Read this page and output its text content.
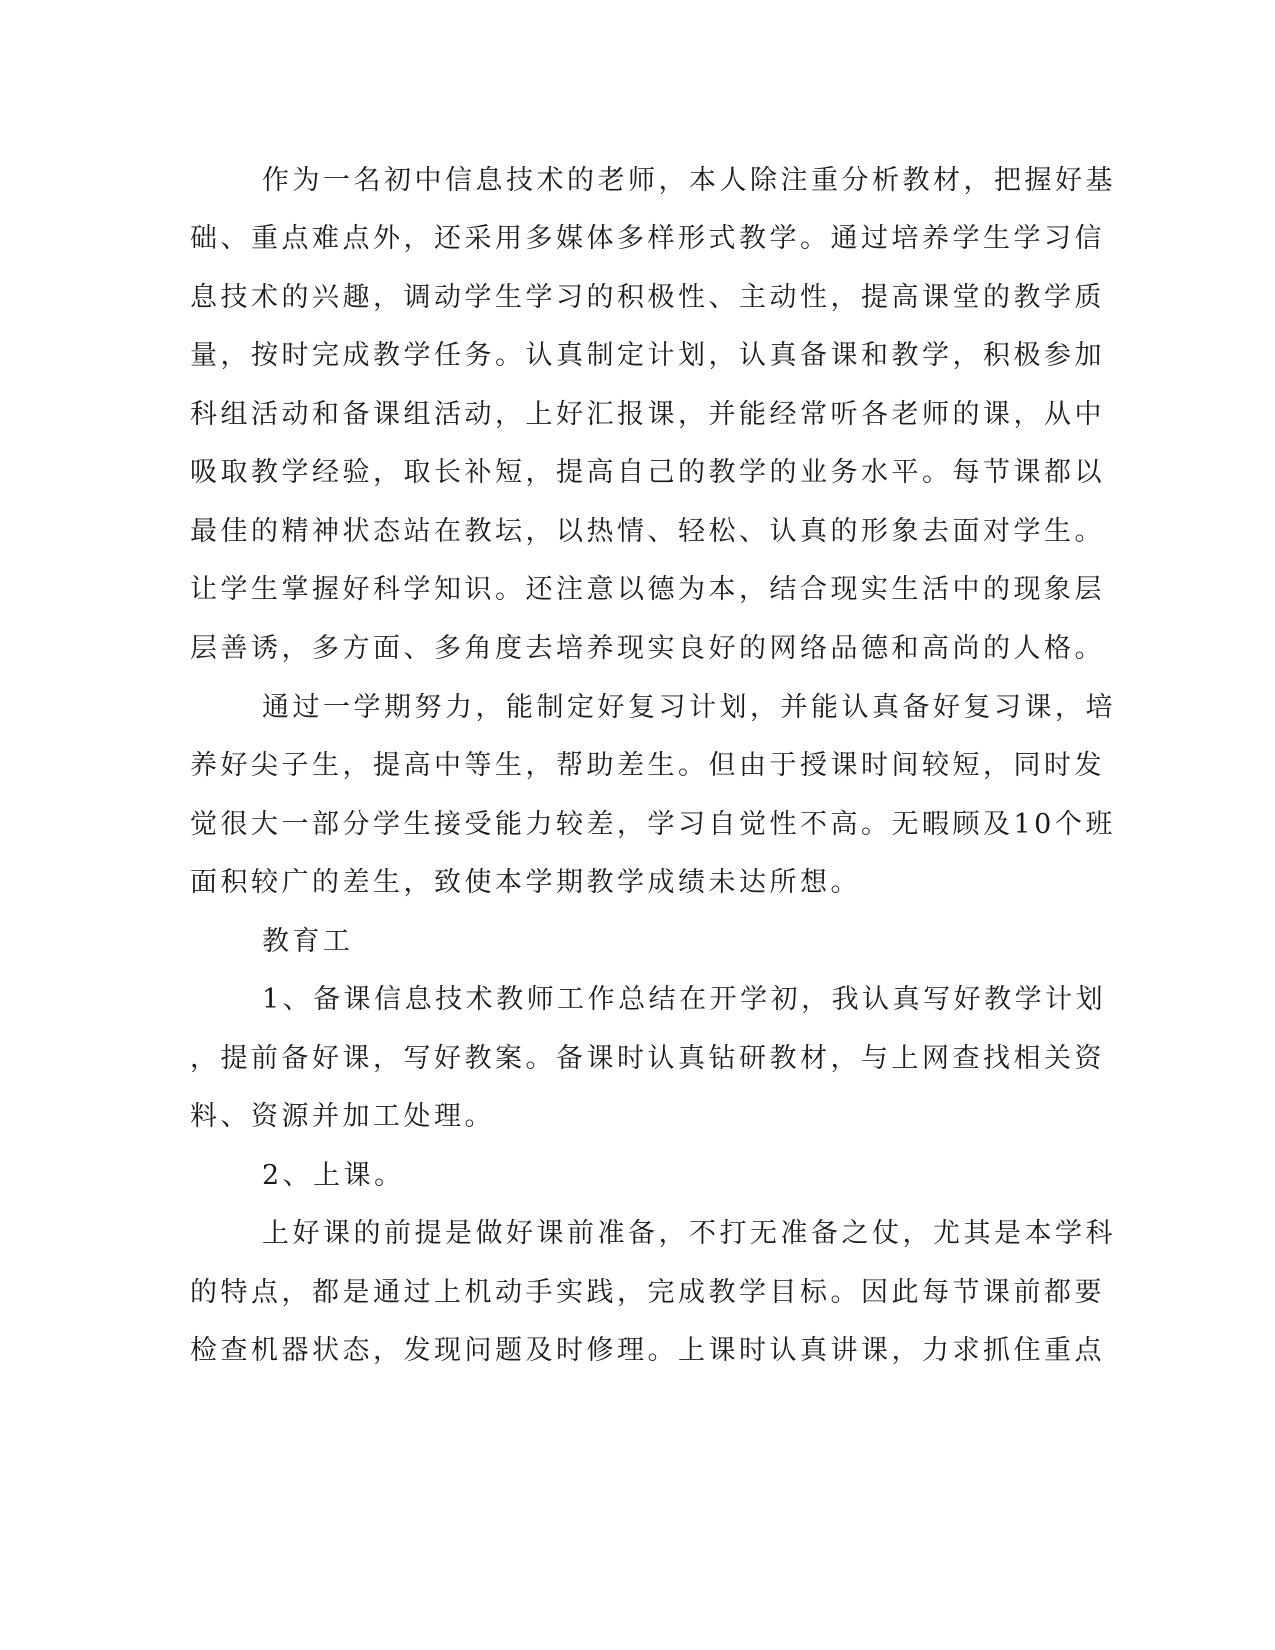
作为一名初中信息技术的老师，本人除注重分析教材，把握好基
础、重点难点外，还采用多媒体多样形式教学。通过培养学生学习信
息技术的兴趣，调动学生学习的积极性、主动性，提高课堂的教学质
量，按时完成教学任务。认真制定计划，认真备课和教学，积极参加
科组活动和备课组活动，上好汇报课，并能经常听各老师的课，从中
吸取教学经验，取长补短，提高自己的教学的业务水平。每节课都以
最佳的精神状态站在教坛，以热情、轻松、认真的形象去面对学生。
让学生掌握好科学知识。还注意以德为本，结合现实生活中的现象层
层善诱，多方面、多角度去培养现实良好的网络品德和高尚的人格。
通过一学期努力，能制定好复习计划，并能认真备好复习课，培
养好尖子生，提高中等生，帮助差生。但由于授课时间较短，同时发
觉很大一部分学生接受能力较差，学习自觉性不高。无暇顾及10个班
面积较广的差生，致使本学期教学成绩未达所想。
教育工
1、备课信息技术教师工作总结在开学初，我认真写好教学计划
，提前备好课，写好教案。备课时认真钻研教材，与上网查找相关资
料、资源并加工处理。
2、上课。
上好课的前提是做好课前准备，不打无准备之仗，尤其是本学科
的特点，都是通过上机动手实践，完成教学目标。因此每节课前都要
检查机器状态，发现问题及时修理。上课时认真讲课，力求抓住重点
